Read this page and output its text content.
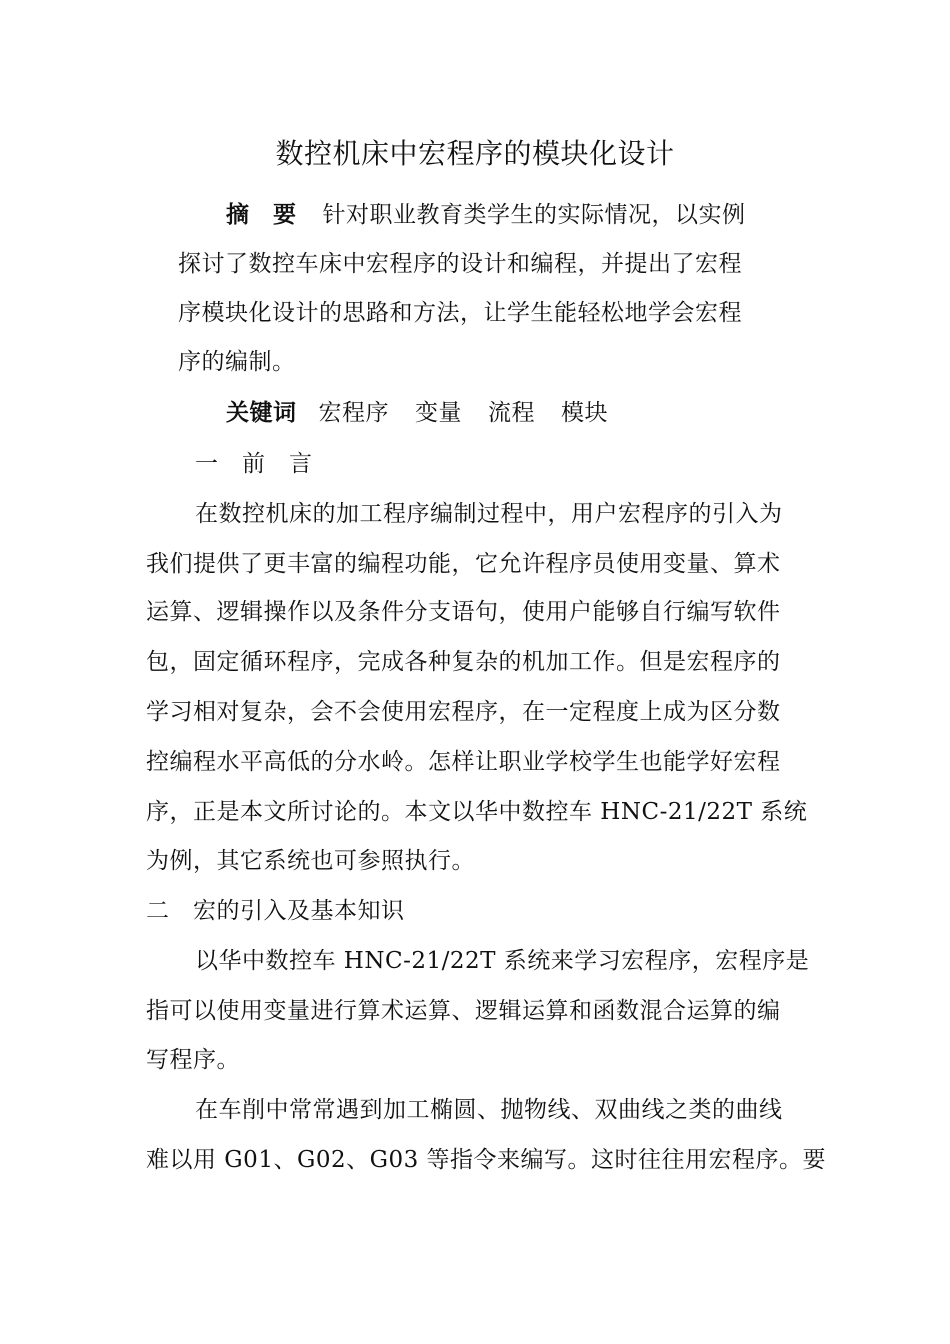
数控机床中宏程序的模块化设计
摘　要 针对职业教育类学生的实际情况，以实例
探讨了数控车床中宏程序的设计和编程，并提出了宏程
序模块化设计的思路和方法，让学生能轻松地学会宏程
序的编制。
关键词 宏程序 变量 流程 模块
一　前　言
在数控机床的加工程序编制过程中，用户宏程序的引入为
我们提供了更丰富的编程功能，它允许程序员使用变量、算术
运算、逻辑操作以及条件分支语句，使用户能够自行编写软件
包，固定循环程序，完成各种复杂的机加工作。但是宏程序的
学习相对复杂，会不会使用宏程序，在一定程度上成为区分数
控编程水平高低的分水岭。怎样让职业学校学生也能学好宏程
序，正是本文所讨论的。本文以华中数控车 HNC-21/22T 系统
为例，其它系统也可参照执行。
二　宏的引入及基本知识
以华中数控车 HNC-21/22T 系统来学习宏程序，宏程序是
指可以使用变量进行算术运算、逻辑运算和函数混合运算的编
写程序。
在车削中常常遇到加工椭圆、抛物线、双曲线之类的曲线
难以用 G01、G02、G03 等指令来编写。这时往往用宏程序。要
